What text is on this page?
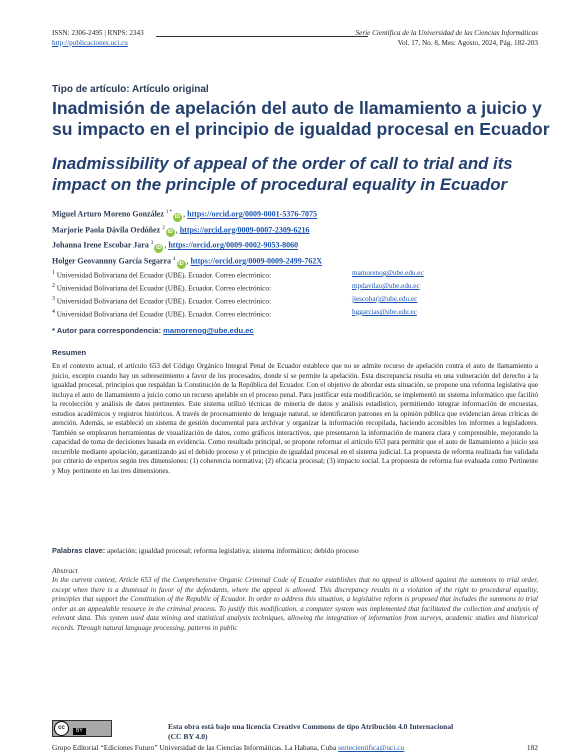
ISSN: 2306-2495 | RNPS: 2343	Serie Científica de la Universidad de las Ciencias Informáticas
http://publicaciones.uci.cu	Vol. 17, No. 8, Mes: Agosto, 2024, Pág. 182-203
Tipo de artículo: Artículo original
Inadmisión de apelación del auto de llamamiento a juicio y su impacto en el principio de igualdad procesal en Ecuador
Inadmissibility of appeal of the order of call to trial and its impact on the principle of procedural equality in Ecuador
Miguel Arturo Moreno González $^{1 *}$iD , https://orcid.org/0009-0001-5376-7075
Marjorie Paola Dávila Ordóñez $^2$iD , https://orcid.org/0009-0007-2309-6216
Johanna Irene Escobar Jara $^3$iD , https://orcid.org/0009-0002-9053-8060
Holger Geovannny García Segarra $^4$iD , https://orcid.org/0009-0009-2499-762X
$^1$ Universidad Bolivariana del Ecuador (UBE). Ecuador. Correo electrónico:	mamorenog@ube.edu.ec
$^2$ Universidad Bolivariana del Ecuador (UBE). Ecuador. Correo electrónico:	mpdavilao@ube.edu.ec
$^3$ Universidad Bolivariana del Ecuador (UBE). Ecuador. Correo electrónico:	jiescobarj@ube.edu.ec
$^4$ Universidad Bolivariana del Ecuador (UBE). Ecuador. Correo electrónico:	hggarcias@ube.edu.ec
* Autor para correspondencia: mamorenog@ube.edu.ec
Resumen
En el contexto actual, el artículo 653 del Código Orgánico Integral Penal de Ecuador establece que no se admite recurso de apelación contra el auto de llamamiento a juicio, excepto cuando hay un sobreseimiento a favor de los procesados, donde sí se permite la apelación. Esta discrepancia resulta en una vulneración del derecho a la igualdad procesal, principios que respaldan la Constitución de la República del Ecuador. Con el objetivo de abordar esta situación, se propone una reforma legislativa que incluya el auto de llamamiento a juicio como un recurso apelable en el proceso penal. Para justificar esta modificación, se implementó un sistema informático que facilitó la recolección y análisis de datos pertinentes. Este sistema utilizó técnicas de minería de datos y análisis estadístico, permitiendo integrar información de encuestas, estudios académicos y registros históricos. A través de procesamiento de lenguaje natural, se identificaron patrones en la opinión pública que evidencian áreas críticas de atención. Además, se estableció un sistema de gestión documental para archivar y organizar la información recopilada, haciendo accesibles los informes a legisladores. También se emplearon herramientas de visualización de datos, como gráficos interactivos, que presentaron la información de manera clara y comprensible, mejorando la capacidad de toma de decisiones basada en evidencia. Como resultado principal, se propone reformar el artículo 653 para permitir que el auto de llamamiento a juicio sea recurrible mediante apelación, garantizando así el debido proceso y el principio de igualdad procesal en el sistema judicial. La propuesta de reforma realizada fue validada por criterio de expertos según tres dimensiones: (1) coherencia normativa; (2) eficacia procesal; (3) impacto social. La propuesta de reforma fue evaluada como Pertinente y Muy pertinente en las tres dimensiones.
Palabras clave: apelación; igualdad procesal; reforma legislativa; sistema informático; debido proceso
Abstract
In the current context, Article 653 of the Comprehensive Organic Criminal Code of Ecuador establishes that no appeal is allowed against the summons to trial order, except when there is a dismissal in favor of the defendants, where the appeal is allowed. This discrepancy results in a violation of the right to procedural equality, principles that support the Constitution of the Republic of Ecuador. In order to address this situation, a legislative reform is proposed that includes the summons to trial order as an appealable resource in the criminal process. To justify this modification, a computer system was implemented that facilitated the collection and analysis of relevant data. This system used data mining and statistical analysis techniques, allowing the integration of information from surveys, academic studies and historical records. Through natural language processing, patterns in public
cc	BY	Esta obra está bajo una licencia Creative Commons de tipo Atribución 4.0 Internacional
(CC BY 4.0)
Grupo Editorial “Ediciones Futuro” Universidad de las Ciencias Informáticas. La Habana, Cuba seriecientifica@uci.cu	182
